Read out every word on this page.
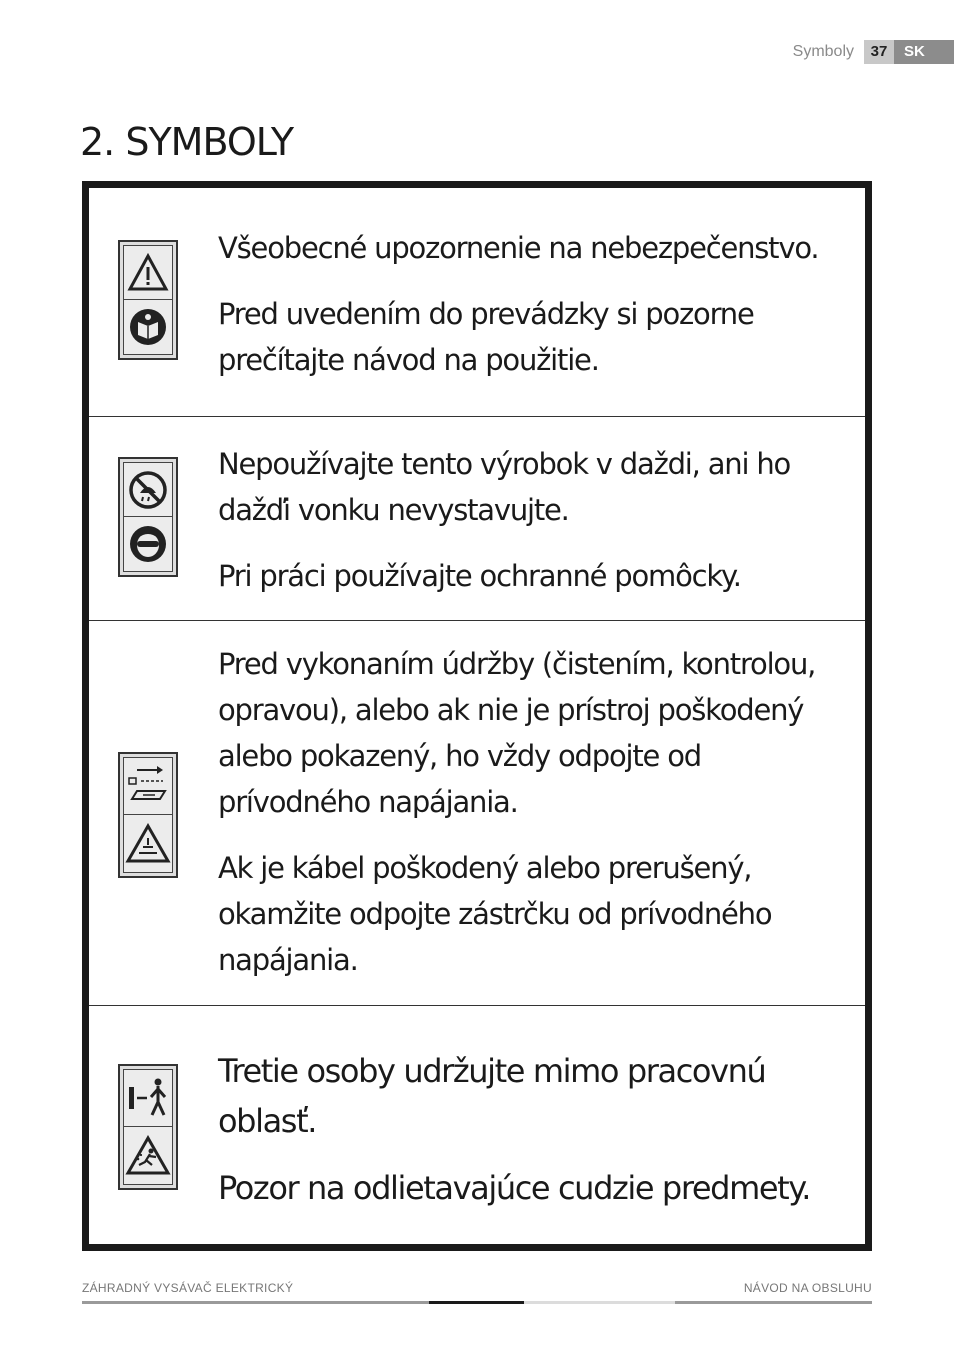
Symboly	37	SK
2. SYMBOLY

Všeobecné upozornenie na nebezpečenstvo.

Pred uvedením do prevádzky si pozorne prečítajte návod na použitie.

Nepoužívajte tento výrobok v daždi, ani ho dažďi vonku nevystavujte.

Pri práci používajte ochranné pomôcky.

Pred vykonaním údržby (čistením, kontrolou, opravou), alebo ak nie je prístroj poškodený alebo pokazený, ho vždy odpojte od prívodného napájania.

Ak je kábel poškodený alebo prerušený, okamžite odpojte zástrčku od prívodného napájania.

Tretie osoby udržujte mimo pracovnú oblasť.

Pozor na odlietavajúce cudzie predmety.

ZÁHRADNÝ VYSÁVAČ ELEKTRICKÝ	NÁVOD NA OBSLUHU
